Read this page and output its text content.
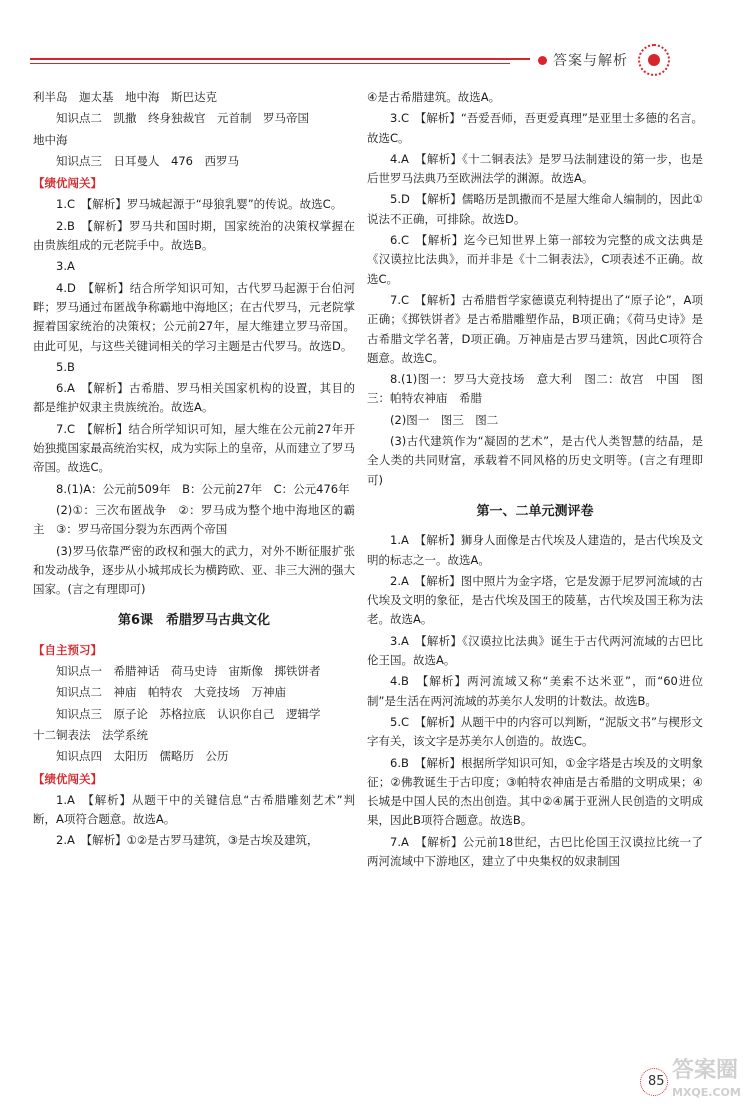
答案与解析
利半岛　迦太基　地中海　斯巴达克
知识点二　凯撒　终身独裁官　元首制　罗马帝国
地中海
知识点三　日耳曼人　476　西罗马
【绩优闯关】
1.C　【解析】罗马城起源于“母狼乳婴”的传说。故选C。
2.B　【解析】罗马共和国时期，国家统治的决策权掌握在由贵族组成的元老院手中。故选B。
3.A
4.D　【解析】结合所学知识可知，古代罗马起源于台伯河畔；罗马通过布匿战争称霸地中海地区；在古代罗马，元老院掌握着国家统治的决策权；公元前27年，屋大维建立罗马帝国。由此可见，与这些关键词相关的学习主题是古代罗马。故选D。
5.B
6.A　【解析】古希腊、罗马相关国家机构的设置，其目的都是维护奴隶主贵族统治。故选A。
7.C　【解析】结合所学知识可知，屋大维在公元前27年开始独揽国家最高统治实权，成为实际上的皇帝，从而建立了罗马帝国。故选C。
8.(1)A：公元前509年　B：公元前27年　C：公元476年
(2)①：三次布匿战争　②：罗马成为整个地中海地区的霸主　③：罗马帝国分裂为东西两个帝国
(3)罗马依靠严密的政权和强大的武力，对外不断征服扩张和发动战争，逐步从小城邦成长为横跨欧、亚、非三大洲的强大国家。(言之有理即可)
第6课　希腊罗马古典文化
【自主预习】
知识点一　希腊神话　荷马史诗　宙斯像　掷铁饼者
知识点二　神庙　帕特农　大竞技场　万神庙
知识点三　原子论　苏格拉底　认识你自己　逻辑学
十二铜表法　法学系统
知识点四　太阳历　儒略历　公历
【绩优闯关】
1.A　【解析】从题干中的关键信息“古希腊雕刻艺术”判断，A项符合题意。故选A。
2.A　【解析】①②是古罗马建筑，③是古埃及建筑，
④是古希腊建筑。故选A。
3.C　【解析】“吾爱吾师，吾更爱真理”是亚里士多德的名言。故选C。
4.A　【解析】《十二铜表法》是罗马法制建设的第一步，也是后世罗马法典乃至欧洲法学的渊源。故选A。
5.D　【解析】儒略历是凯撒而不是屋大维命人编制的，因此①说法不正确，可排除。故选D。
6.C　【解析】迄今已知世界上第一部较为完整的成文法典是《汉谟拉比法典》，而并非是《十二铜表法》，C项表述不正确。故选C。
7.C　【解析】古希腊哲学家德谟克利特提出了“原子论”，A项正确；《掷铁饼者》是古希腊雕塑作品，B项正确；《荷马史诗》是古希腊文学名著，D项正确。万神庙是古罗马建筑，因此C项符合题意。故选C。
8.(1)图一：罗马大竞技场　意大利　图二：故宫　中国　图三：帕特农神庙　希腊
(2)图一　图三　图二
(3)古代建筑作为“凝固的艺术”，是古代人类智慧的结晶，是全人类的共同财富，承载着不同风格的历史文明等。(言之有理即可)
第一、二单元测评卷
1.A　【解析】狮身人面像是古代埃及人建造的，是古代埃及文明的标志之一。故选A。
2.A　【解析】图中照片为金字塔，它是发源于尼罗河流域的古代埃及文明的象征，是古代埃及国王的陵墓，古代埃及国王称为法老。故选A。
3.A　【解析】《汉谟拉比法典》诞生于古代两河流域的古巴比伦王国。故选A。
4.B　【解析】两河流域又称“美索不达米亚”，而“60进位制”是生活在两河流域的苏美尔人发明的计数法。故选B。
5.C　【解析】从题干中的内容可以判断，“泥版文书”与楔形文字有关，该文字是苏美尔人创造的。故选C。
6.B　【解析】根据所学知识可知，①金字塔是古埃及的文明象征；②佛教诞生于古印度；③帕特农神庙是古希腊的文明成果；④长城是中国人民的杰出创造。其中②④属于亚洲人民创造的文明成果，因此B项符合题意。故选B。
7.A　【解析】公元前18世纪，古巴比伦国王汉谟拉比统一了两河流域中下游地区，建立了中央集权的奴隶制国
85 答案圈
MXQE.COM
